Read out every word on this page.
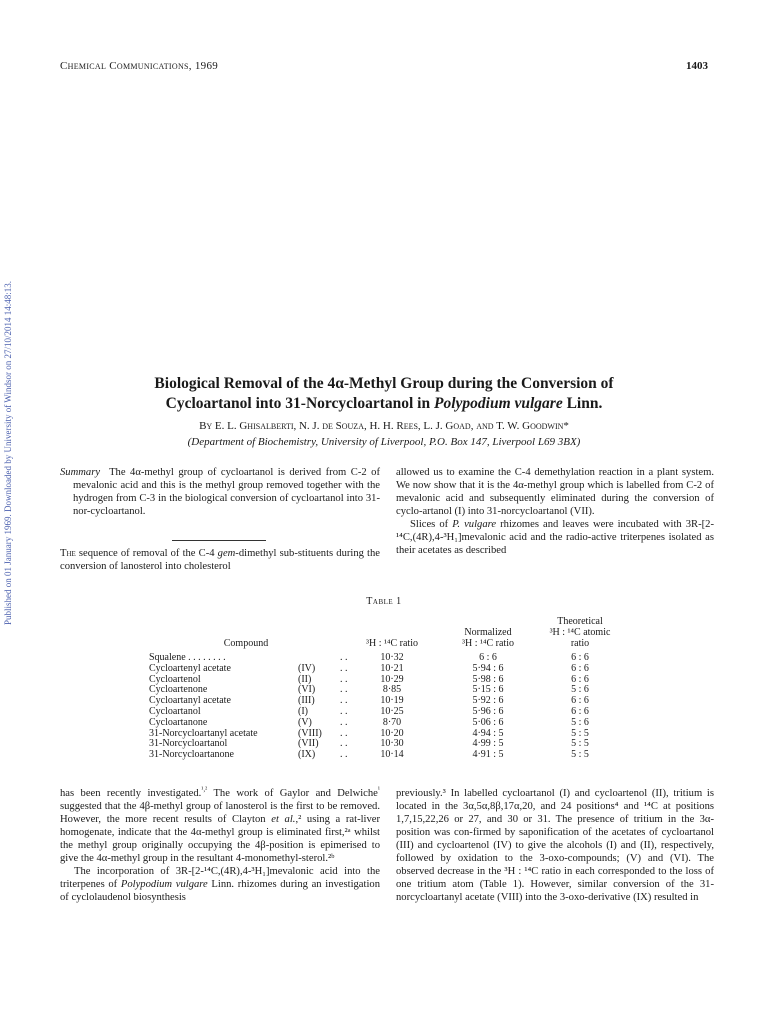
Chemical Communications, 1969	1403
Published on 01 January 1969. Downloaded by University of Windsor on 27/10/2014 14:48:13.	Biological Removal of the 4α-Methyl Group during the Conversion of
Cycloartanol into 31-Norcycloartanol in Polypodium vulgare Linn.
By E. L. Ghisalberti, N. J. de Souza, H. H. Rees, L. J. Goad, and T. W. Goodwin*
(Department of Biochemistry, University of Liverpool, P.O. Box 147, Liverpool L69 3BX)

Summary The 4α-methyl group of cycloartanol is derived from C-2 of mevalonic acid and this is the methyl group removed together with the hydrogen from C-3 in the biological conversion of cycloartanol into 31-nor-cycloartanol.

The sequence of removal of the C-4 gem-dimethyl sub-stituents during the conversion of lanosterol into cholesterol

allowed us to examine the C-4 demethylation reaction in a plant system. We now show that it is the 4α-methyl group which is labelled from C-2 of mevalonic acid and subsequently eliminated during the conversion of cyclo-artanol (I) into 31-norcycloartanol (VII).

Slices of P. vulgare rhizomes and leaves were incubated with 3R-[2-¹⁴C,(4R),4-³H₁]mevalonic acid and the radio-active triterpenes isolated as their acetates as described

Table 1
Compound	³H : ¹⁴C ratio
Normalized
³H : ¹⁴C ratio
Theoretical
³H : ¹⁴C atomic
ratio
Squalene . . . . . . . .	. .	10·32	6 : 6	6 : 6
Cycloartenyl acetate	(IV) . .	10·21	5·94 : 6	6 : 6
Cycloartenol	(II)	. .	10·29	5·98 : 6	6 : 6
Cycloartenone	(VI) . .	8·85	5·15 : 6	5 : 6
Cycloartanyl acetate	(III)	. .	10·19	5·92 : 6	6 : 6
Cycloartanol	(I)	. .	10·25	5·96 : 6	6 : 6
Cycloartanone	(V)	. .	8·70	5·06 : 6	5 : 6
31-Norcycloartanyl acetate	(VIII) . .	10·20	4·94 : 5	5 : 5
31-Norcycloartanol	(VII) . .	10·30	4·99 : 5	5 : 5
31-Norcycloartanone	(IX) . .	10·14	4·91 : 5	5 : 5

has been recently investigated.$^{^1,^2}$ The work of Gaylor and Delwiche$^{^1}$ suggested that the 4β-methyl group of lanosterol is the first to be removed. However, the more recent results of Clayton et al.,² using a rat-liver homogenate, indicate that the 4α-methyl group is eliminated first,²ᵃ whilst the methyl group originally occupying the 4β-position is epimerised to give the 4α-methyl group in the resultant 4-monomethyl-sterol.²ᵇ

The incorporation of 3R-[2-¹⁴C,(4R),4-³H₁]mevalonic acid into the triterpenes of Polypodium vulgare Linn. rhizomes during an investigation of cyclolaudenol biosynthesis

previously.³ In labelled cycloartanol (I) and cycloartenol (II), tritium is located in the 3α,5α,8β,17α,20, and 24 positions⁴ and ¹⁴C at positions 1,7,15,22,26 or 27, and 30 or 31. The presence of tritium in the 3α-position was con-firmed by saponification of the acetates of cycloartanol (III) and cycloartenol (IV) to give the alcohols (I) and (II), respectively, followed by oxidation to the 3-oxo-compounds; (V) and (VI). The observed decrease in the ³H : ¹⁴C ratio in each corresponded to the loss of one tritium atom (Table 1). However, similar conversion of the 31-norcycloartanyl acetate (VIII) into the 3-oxo-derivative (IX) resulted in
